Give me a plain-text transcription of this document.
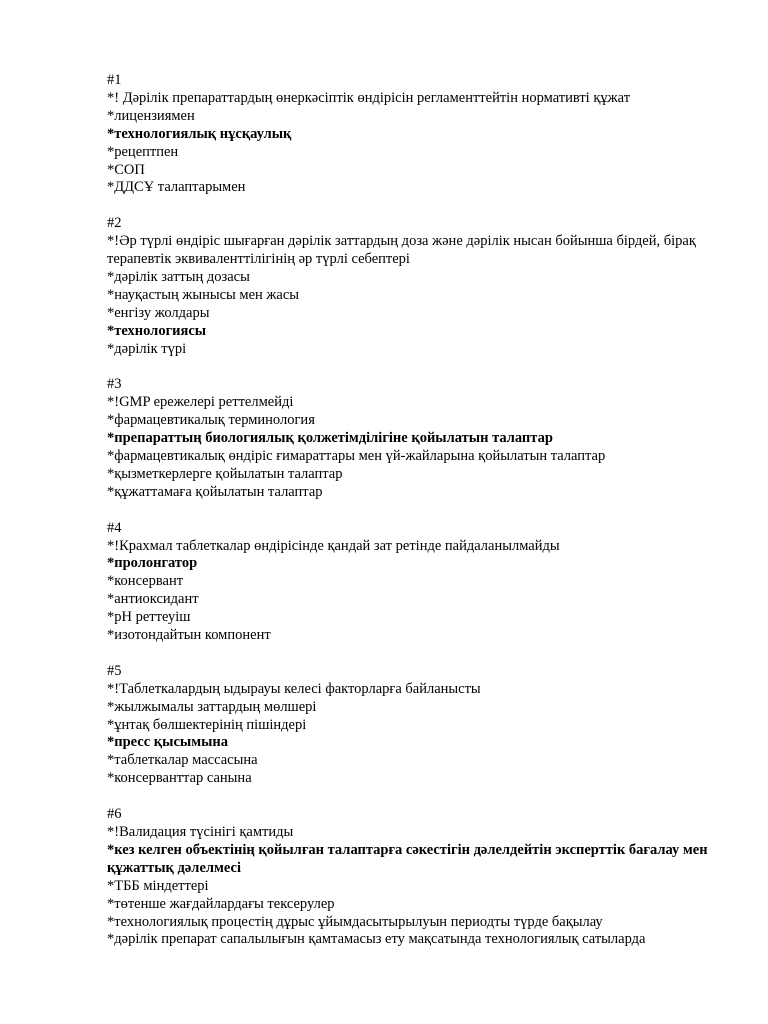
#1
*! Дәрілік препараттардың өнеркәсіптік өндірісін регламенттейтін нормативті құжат
*лицензиямен
*технологиялық нұсқаулық
*рецептпен
*СОП
*ДДСҰ талаптарымен
#2
*!Әр түрлі өндіріс шығарған дәрілік заттардың доза және дәрілік нысан бойынша бірдей, бірақ терапевтік эквиваленттілігінің әр түрлі себептері
*дәрілік заттың дозасы
*науқастың жынысы мен жасы
*енгізу жолдары
*технологиясы
*дәрілік түрі
#3
*!GMP ережелері реттелмейді
*фармацевтикалық терминология
*препараттың биологиялық қолжетімділігіне қойылатын талаптар
*фармацевтикалық өндіріс ғимараттары мен үй-жайларына қойылатын талаптар
*қызметкерлерге қойылатын талаптар
*құжаттамаға қойылатын талаптар
#4
*!Крахмал таблеткалар өндірісінде қандай зат ретінде пайдаланылмайды
*пролонгатор
*консервант
*антиоксидант
*pH реттеуіш
*изотондайтын компонент
#5
*!Таблеткалардың ыдырауы келесі факторларға байланысты
*жылжымалы заттардың мөлшері
*ұнтақ бөлшектерінің пішіндері
*пресс қысымына
*таблеткалар массасына
*консерванттар санына
#6
*!Валидация түсінігі қамтиды
*кез келген объектінің қойылған талаптарға сәкестігін дәлелдейтін эксперттік бағалау мен құжаттық дәлелмесі
*ТББ міндеттері
*төтенше жағдайлардағы тексерулер
*технологиялық процестің дұрыс ұйымдасытырылуын периодты түрде бақылау
*дәрілік препарат сапалылығын қамтамасыз ету мақсатында технологиялық сатыларда
